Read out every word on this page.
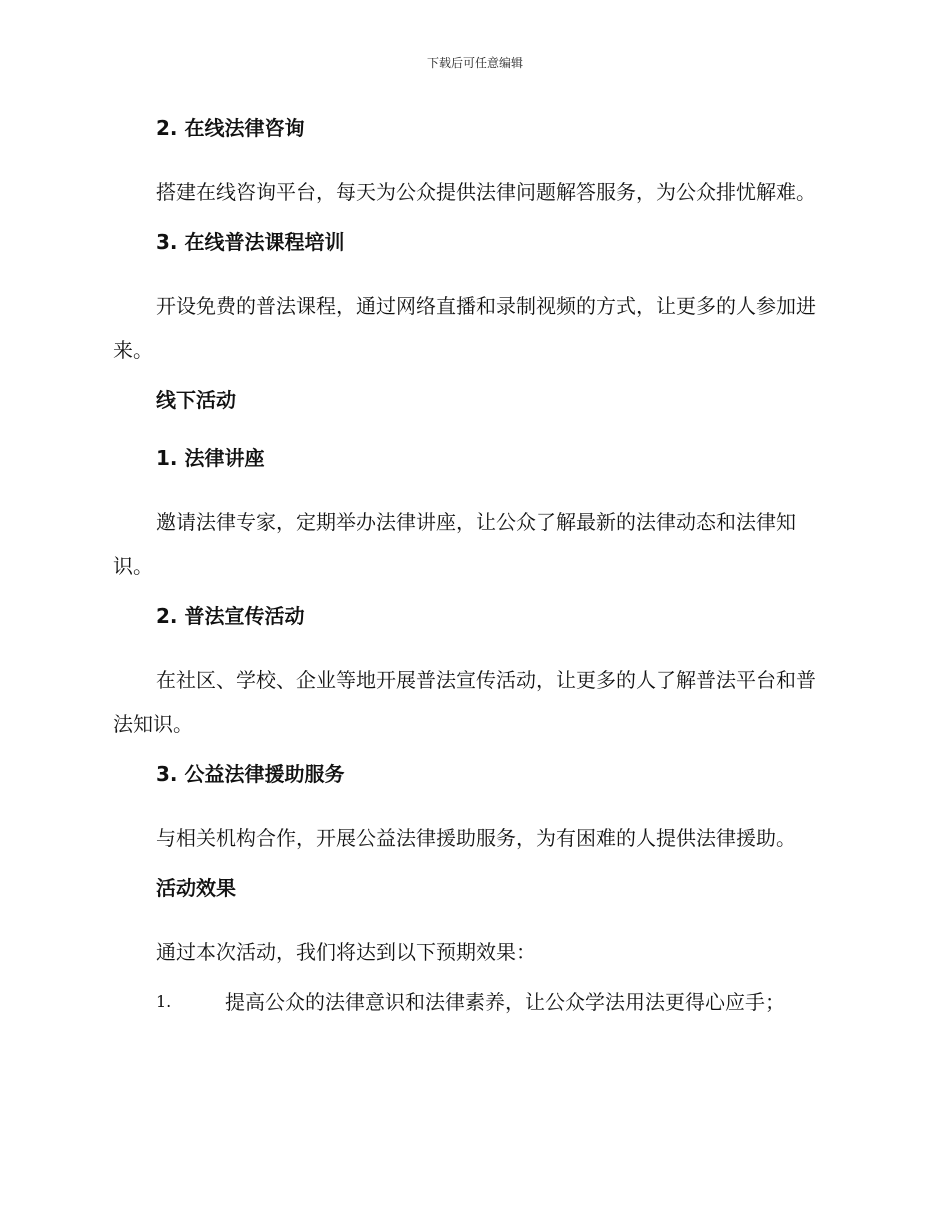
下载后可任意编辑
2. 在线法律咨询
搭建在线咨询平台，每天为公众提供法律问题解答服务，为公众排忧解难。
3. 在线普法课程培训
开设免费的普法课程，通过网络直播和录制视频的方式，让更多的人参加进来。
线下活动
1. 法律讲座
邀请法律专家，定期举办法律讲座，让公众了解最新的法律动态和法律知识。
2. 普法宣传活动
在社区、学校、企业等地开展普法宣传活动，让更多的人了解普法平台和普法知识。
3. 公益法律援助服务
与相关机构合作，开展公益法律援助服务，为有困难的人提供法律援助。
活动效果
通过本次活动，我们将达到以下预期效果：
1.	提高公众的法律意识和法律素养，让公众学法用法更得心应手；
